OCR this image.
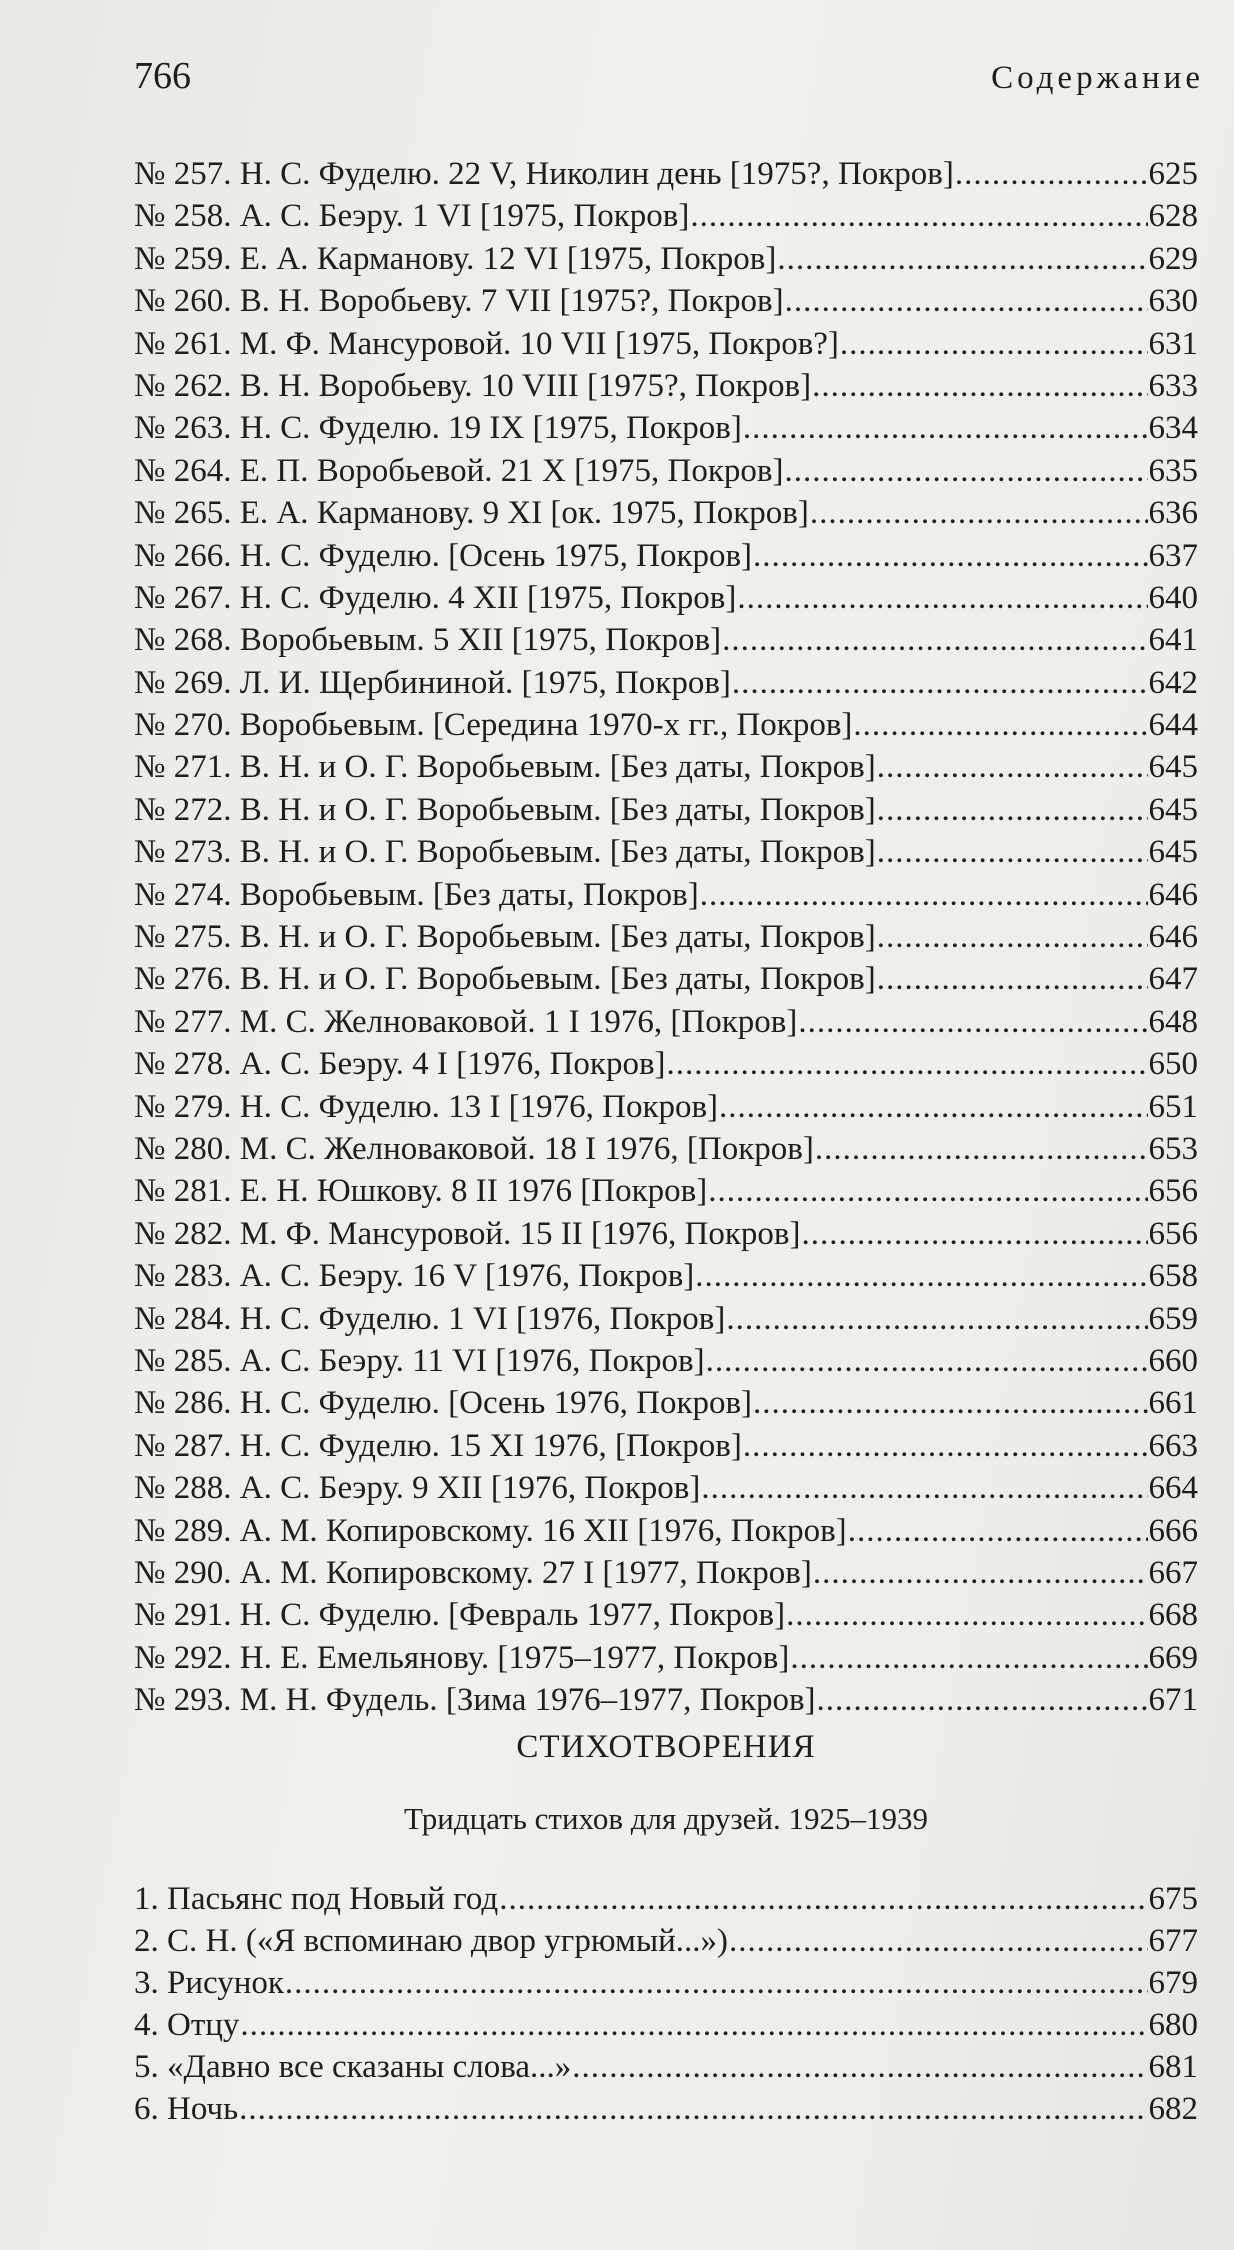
766	Содержание
№ 257. Н. С. Фуделю. 22 V, Николин день [1975?, Покров] .....	625
№ 258. А. С. Беэру. 1 VI [1975, Покров] .....	628
№ 259. Е. А. Карманову. 12 VI [1975, Покров] .....	629
№ 260. В. Н. Воробьеву. 7 VII [1975?, Покров] .....	630
№ 261. М. Ф. Мансуровой. 10 VII [1975, Покров?] .....	631
№ 262. В. Н. Воробьеву. 10 VIII [1975?, Покров] .....	633
№ 263. Н. С. Фуделю. 19 IX [1975, Покров] .....	634
№ 264. Е. П. Воробьевой. 21 X [1975, Покров] .....	635
№ 265. Е. А. Карманову. 9 XI [ок. 1975, Покров] .....	636
№ 266. Н. С. Фуделю. [Осень 1975, Покров] .....	637
№ 267. Н. С. Фуделю. 4 XII [1975, Покров] .....	640
№ 268. Воробьевым. 5 XII [1975, Покров] .....	641
№ 269. Л. И. Щербининой. [1975, Покров] .....	642
№ 270. Воробьевым. [Середина 1970-х гг., Покров] .....	644
№ 271. В. Н. и О. Г. Воробьевым. [Без даты, Покров] .....	645
№ 272. В. Н. и О. Г. Воробьевым. [Без даты, Покров] .....	645
№ 273. В. Н. и О. Г. Воробьевым. [Без даты, Покров] .....	645
№ 274. Воробьевым. [Без даты, Покров] .....	646
№ 275. В. Н. и О. Г. Воробьевым. [Без даты, Покров] .....	646
№ 276. В. Н. и О. Г. Воробьевым. [Без даты, Покров] .....	647
№ 277. М. С. Желноваковой. 1 I 1976, [Покров] .....	648
№ 278. А. С. Беэру. 4 I [1976, Покров] .....	650
№ 279. Н. С. Фуделю. 13 I [1976, Покров] .....	651
№ 280. М. С. Желноваковой. 18 I 1976, [Покров] .....	653
№ 281. Е. Н. Юшкову. 8 II 1976 [Покров] .....	656
№ 282. М. Ф. Мансуровой. 15 II [1976, Покров] .....	656
№ 283. А. С. Беэру. 16 V [1976, Покров] .....	658
№ 284. Н. С. Фуделю. 1 VI [1976, Покров] .....	659
№ 285. А. С. Беэру. 11 VI [1976, Покров] .....	660
№ 286. Н. С. Фуделю. [Осень 1976, Покров] .....	661
№ 287. Н. С. Фуделю. 15 XI 1976, [Покров] .....	663
№ 288. А. С. Беэру. 9 XII [1976, Покров] .....	664
№ 289. А. М. Копировскому. 16 XII [1976, Покров] .....	666
№ 290. А. М. Копировскому. 27 I [1977, Покров] .....	667
№ 291. Н. С. Фуделю. [Февраль 1977, Покров] .....	668
№ 292. Н. Е. Емельянову. [1975–1977, Покров] .....	669
№ 293. М. Н. Фудель. [Зима 1976–1977, Покров] .....	671
СТИХОТВОРЕНИЯ
Тридцать стихов для друзей. 1925–1939
1. Пасьянс под Новый год .....	675
2. С. Н. («Я вспоминаю двор угрюмый...») .....	677
3. Рисунок .....	679
4. Отцу .....	680
5. «Давно все сказаны слова...» .....	681
6. Ночь .....	682
